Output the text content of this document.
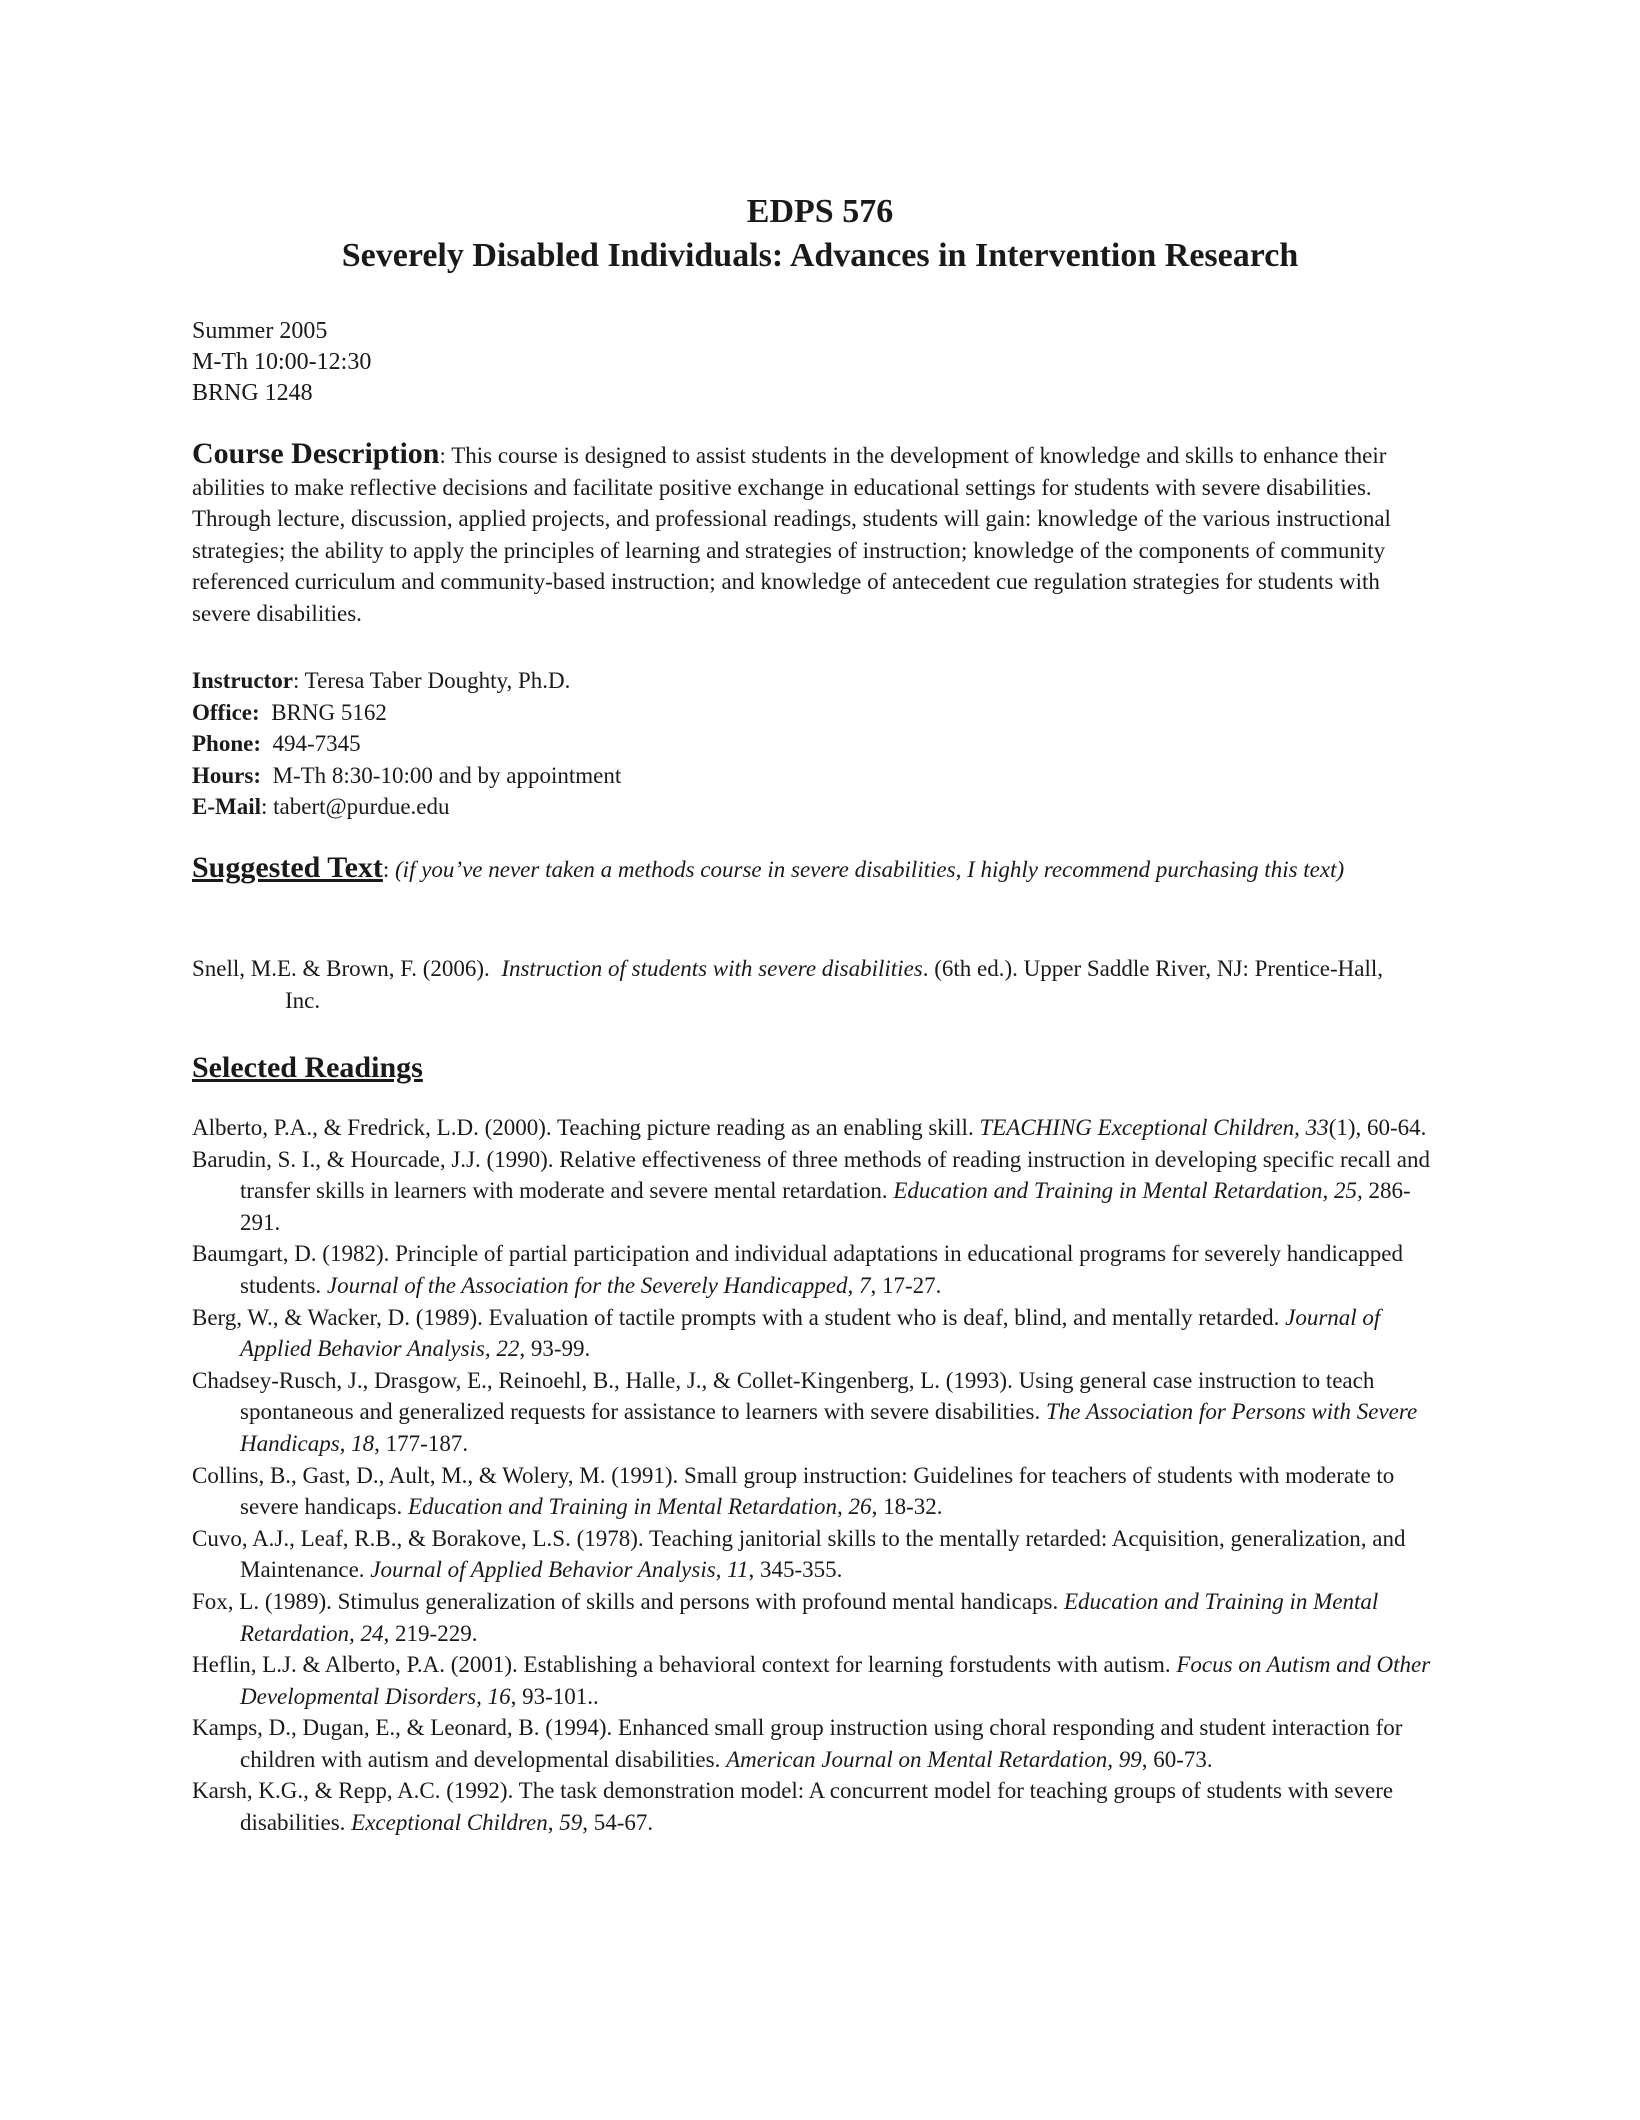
EDPS 576
Severely Disabled Individuals: Advances in Intervention Research
Summer 2005
M-Th 10:00-12:30
BRNG 1248
Course Description: This course is designed to assist students in the development of knowledge and skills to enhance their abilities to make reflective decisions and facilitate positive exchange in educational settings for students with severe disabilities. Through lecture, discussion, applied projects, and professional readings, students will gain: knowledge of the various instructional strategies; the ability to apply the principles of learning and strategies of instruction; knowledge of the components of community referenced curriculum and community-based instruction; and knowledge of antecedent cue regulation strategies for students with severe disabilities.
Instructor: Teresa Taber Doughty, Ph.D.
Office: BRNG 5162
Phone: 494-7345
Hours: M-Th 8:30-10:00 and by appointment
E-Mail: tabert@purdue.edu
Suggested Text: (if you’ve never taken a methods course in severe disabilities, I highly recommend purchasing this text)
Snell, M.E. & Brown, F. (2006). Instruction of students with severe disabilities. (6th ed.). Upper Saddle River, NJ: Prentice-Hall, Inc.
Selected Readings
Alberto, P.A., & Fredrick, L.D. (2000). Teaching picture reading as an enabling skill. TEACHING Exceptional Children, 33(1), 60-64.
Barudin, S. I., & Hourcade, J.J. (1990). Relative effectiveness of three methods of reading instruction in developing specific recall and transfer skills in learners with moderate and severe mental retardation. Education and Training in Mental Retardation, 25, 286-291.
Baumgart, D. (1982). Principle of partial participation and individual adaptations in educational programs for severely handicapped students. Journal of the Association for the Severely Handicapped, 7, 17-27.
Berg, W., & Wacker, D. (1989). Evaluation of tactile prompts with a student who is deaf, blind, and mentally retarded. Journal of Applied Behavior Analysis, 22, 93-99.
Chadsey-Rusch, J., Drasgow, E., Reinoehl, B., Halle, J., & Collet-Kingenberg, L. (1993). Using general case instruction to teach spontaneous and generalized requests for assistance to learners with severe disabilities. The Association for Persons with Severe Handicaps, 18, 177-187.
Collins, B., Gast, D., Ault, M., & Wolery, M. (1991). Small group instruction: Guidelines for teachers of students with moderate to severe handicaps. Education and Training in Mental Retardation, 26, 18-32.
Cuvo, A.J., Leaf, R.B., & Borakove, L.S. (1978). Teaching janitorial skills to the mentally retarded: Acquisition, generalization, and Maintenance. Journal of Applied Behavior Analysis, 11, 345-355.
Fox, L. (1989). Stimulus generalization of skills and persons with profound mental handicaps. Education and Training in Mental Retardation, 24, 219-229.
Heflin, L.J. & Alberto, P.A. (2001). Establishing a behavioral context for learning forstudents with autism. Focus on Autism and Other Developmental Disorders, 16, 93-101..
Kamps, D., Dugan, E., & Leonard, B. (1994). Enhanced small group instruction using choral responding and student interaction for children with autism and developmental disabilities. American Journal on Mental Retardation, 99, 60-73.
Karsh, K.G., & Repp, A.C. (1992). The task demonstration model: A concurrent model for teaching groups of students with severe disabilities. Exceptional Children, 59, 54-67.
